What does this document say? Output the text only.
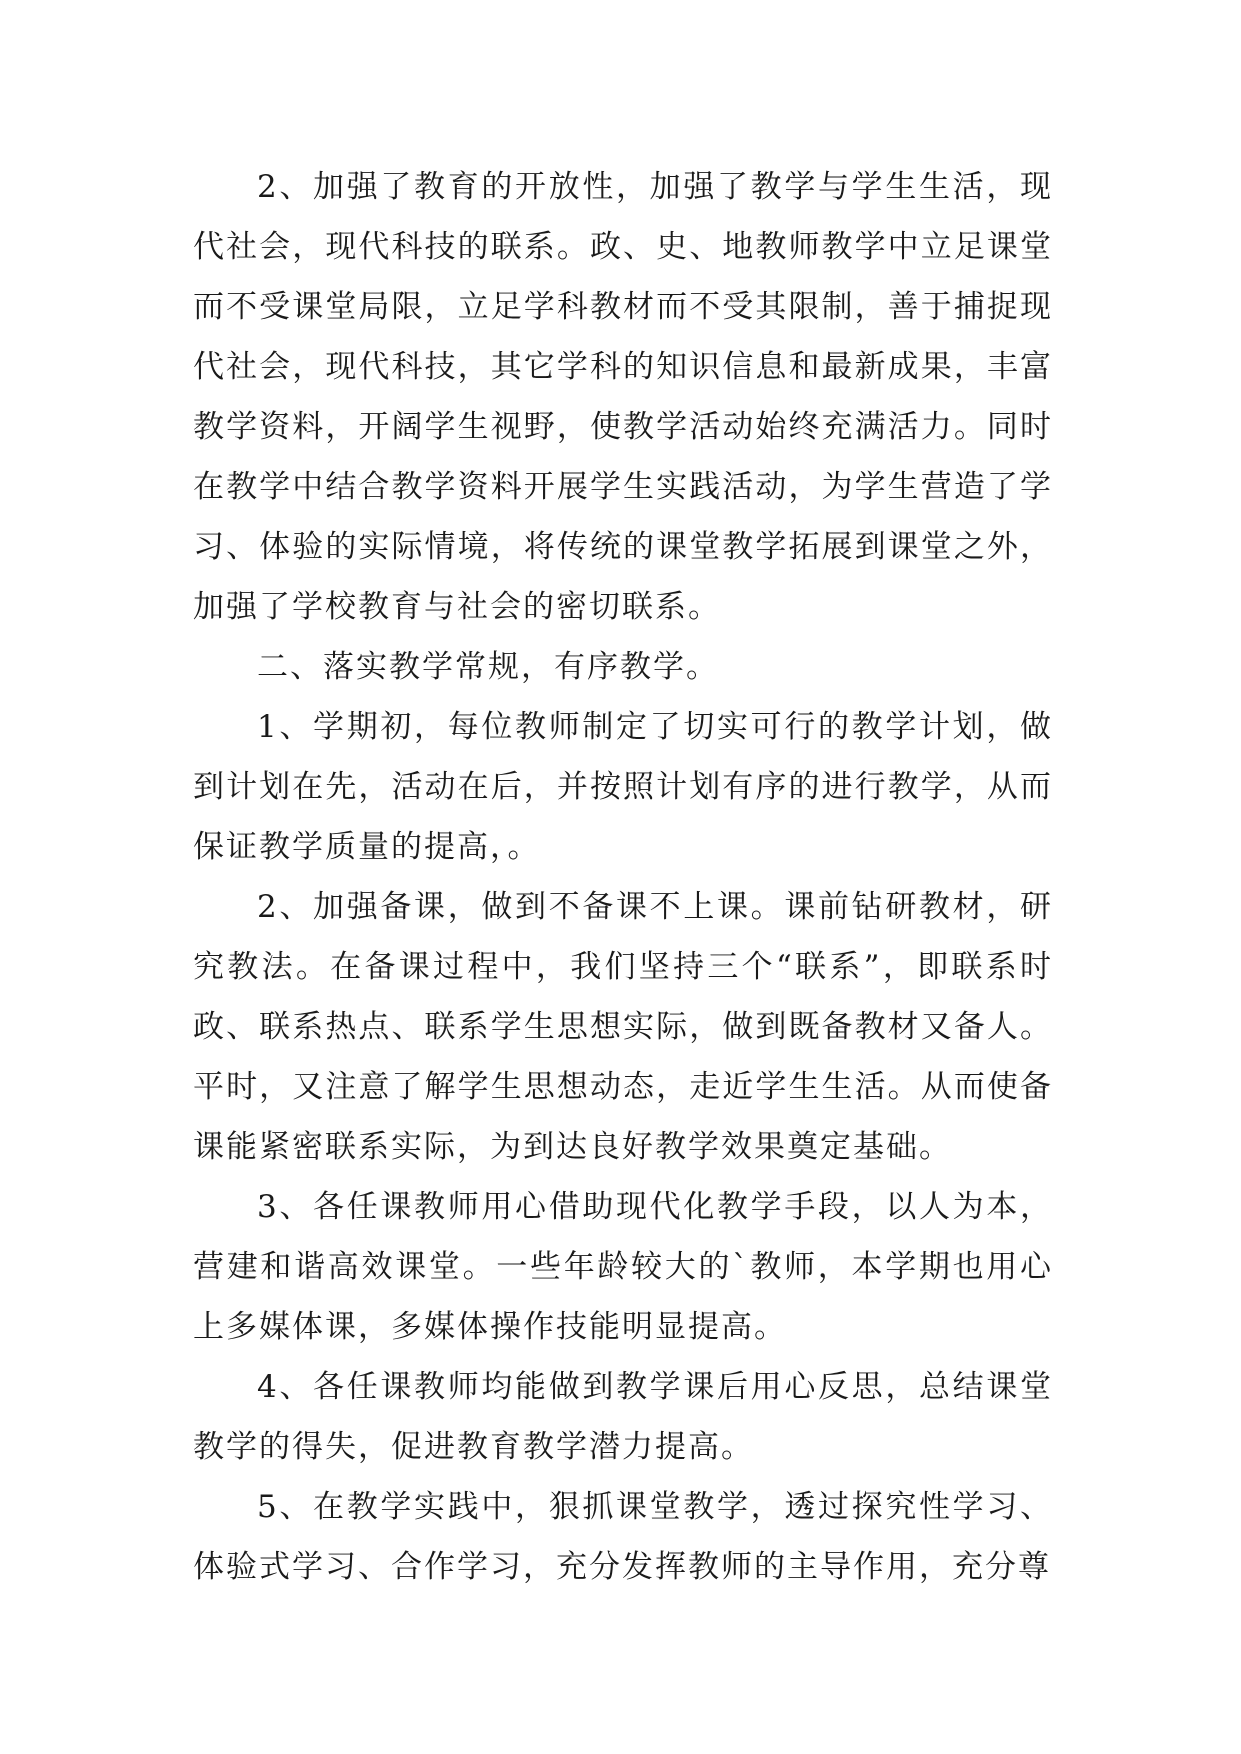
2、加强了教育的开放性，加强了教学与学生生活，现代社会，现代科技的联系。政、史、地教师教学中立足课堂而不受课堂局限，立足学科教材而不受其限制，善于捕捉现代社会，现代科技，其它学科的知识信息和最新成果，丰富教学资料，开阔学生视野，使教学活动始终充满活力。同时在教学中结合教学资料开展学生实践活动，为学生营造了学习、体验的实际情境，将传统的课堂教学拓展到课堂之外，加强了学校教育与社会的密切联系。

二、落实教学常规，有序教学。

1、学期初，每位教师制定了切实可行的教学计划，做到计划在先，活动在后，并按照计划有序的进行教学，从而保证教学质量的提高，。

2、加强备课，做到不备课不上课。课前钻研教材，研究教法。在备课过程中，我们坚持三个“联系”，即联系时政、联系热点、联系学生思想实际，做到既备教材又备人。平时，又注意了解学生思想动态，走近学生生活。从而使备课能紧密联系实际，为到达良好教学效果奠定基础。

3、各任课教师用心借助现代化教学手段，以人为本，营建和谐高效课堂。一些年龄较大的`教师，本学期也用心上多媒体课，多媒体操作技能明显提高。

4、各任课教师均能做到教学课后用心反思，总结课堂教学的得失，促进教育教学潜力提高。

5、在教学实践中，狠抓课堂教学，透过探究性学习、体验式学习、合作学习，充分发挥教师的主导作用，充分尊
